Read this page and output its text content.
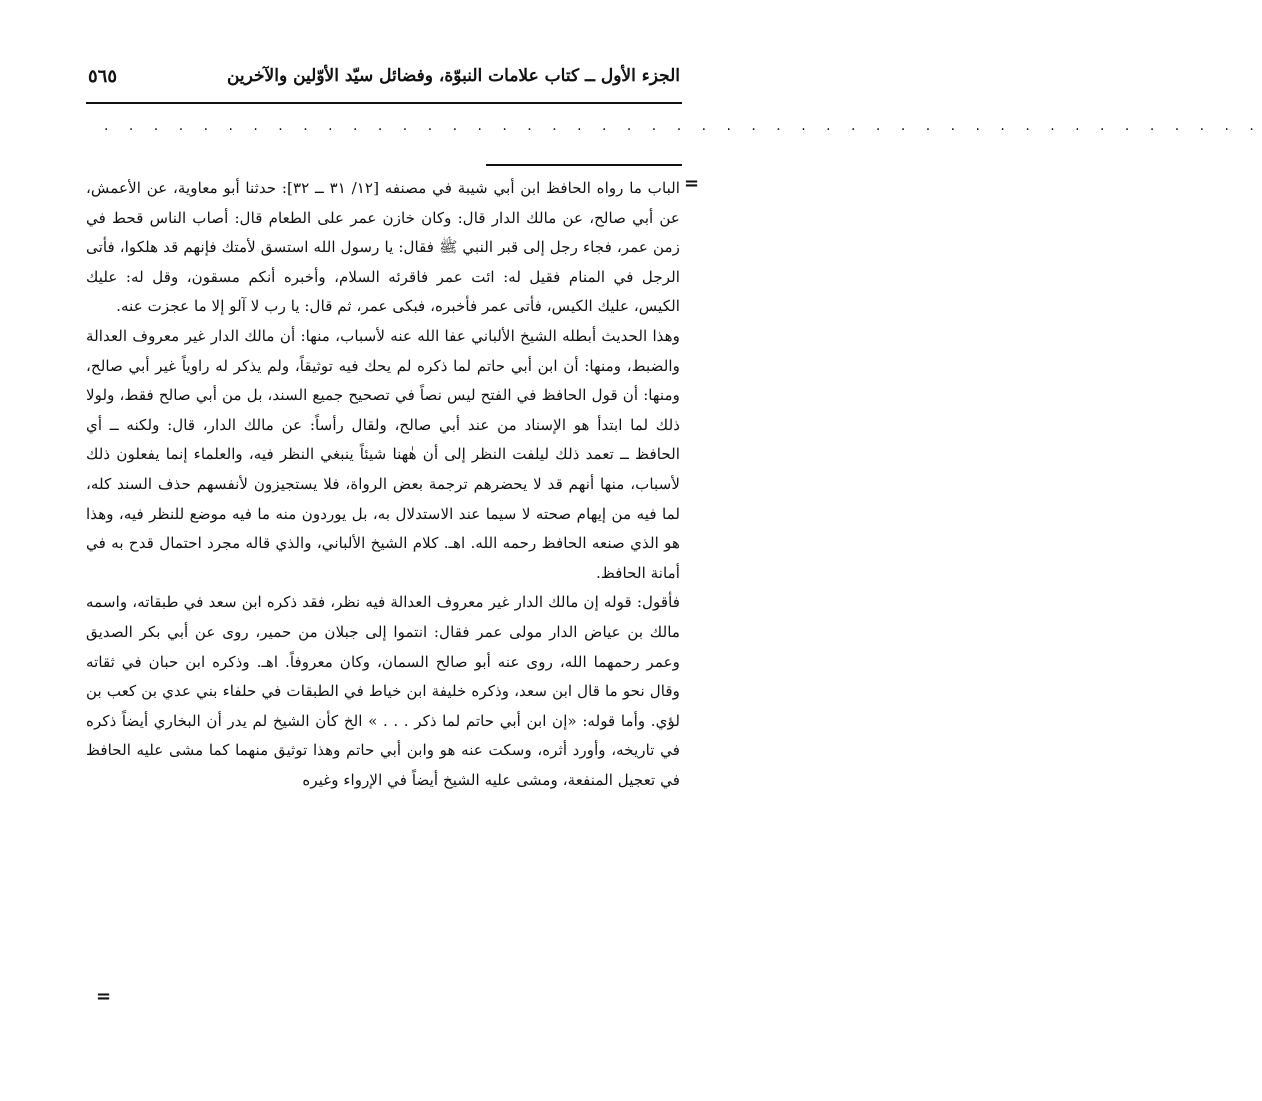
الجزء الأول ــ كتاب علامات النبوّة، وفضائل سيّد الأوّلين والآخرين
٥٦٥
. . . . . . . . . . . . . . . . . . . . . . . . . . . . . . . . . . . . . . . . . . . . . . .
=

الباب ما رواه الحافظ ابن أبي شيبة في مصنفه [١٢/ ٣١ ــ ٣٢]: حدثنا أبو معاوية، عن الأعمش، عن أبي صالح، عن مالك الدار قال: وكان خازن عمر على الطعام قال: أصاب الناس قحط في زمن عمر، فجاء رجل إلى قبر النبي ﷺ فقال: يا رسول الله استسق لأمتك فإنهم قد هلكوا، فأتى الرجل في المنام فقيل له: ائت عمر فاقرئه السلام، وأخبره أنكم مسقون، وقل له: عليك الكيس، عليك الكيس، فأتى عمر فأخبره، فبكى عمر، ثم قال: يا رب لا آلو إلا ما عجزت عنه.

وهذا الحديث أبطله الشيخ الألباني عفا الله عنه لأسباب، منها: أن مالك الدار غير معروف العدالة والضبط، ومنها: أن ابن أبي حاتم لما ذكره لم يحك فيه توثيقاً، ولم يذكر له راوياً غير أبي صالح، ومنها: أن قول الحافظ في الفتح ليس نصاً في تصحيح جميع السند، بل من أبي صالح فقط، ولولا ذلك لما ابتدأ هو الإسناد من عند أبي صالح، ولقال رأساً: عن مالك الدار، قال: ولكنه ــ أي الحافظ ــ تعمد ذلك ليلفت النظر إلى أن هٰهنا شيئاً ينبغي النظر فيه، والعلماء إنما يفعلون ذلك لأسباب، منها أنهم قد لا يحضرهم ترجمة بعض الرواة، فلا يستجيزون لأنفسهم حذف السند كله، لما فيه من إيهام صحته لا سيما عند الاستدلال به، بل يوردون منه ما فيه موضع للنظر فيه، وهذا هو الذي صنعه الحافظ رحمه الله. اهـ. كلام الشيخ الألباني، والذي قاله مجرد احتمال قدح به في أمانة الحافظ.

فأقول: قوله إن مالك الدار غير معروف العدالة فيه نظر، فقد ذكره ابن سعد في طبقاته، واسمه مالك بن عياض الدار مولى عمر فقال: انتموا إلى جبلان من حمير، روى عن أبي بكر الصديق وعمر رحمهما الله، روى عنه أبو صالح السمان، وكان معروفاً. اهـ. وذكره ابن حبان في ثقاته وقال نحو ما قال ابن سعد، وذكره خليفة ابن خياط في الطبقات في حلفاء بني عدي بن كعب بن لؤي. وأما قوله: «إن ابن أبي حاتم لما ذكر . . . » الخ كأن الشيخ لم يدر أن البخاري أيضاً ذكره في تاريخه، وأورد أثره، وسكت عنه هو وابن أبي حاتم وهذا توثيق منهما كما مشى عليه الحافظ في تعجيل المنفعة، ومشى عليه الشيخ أيضاً في الإرواء وغيره

=
